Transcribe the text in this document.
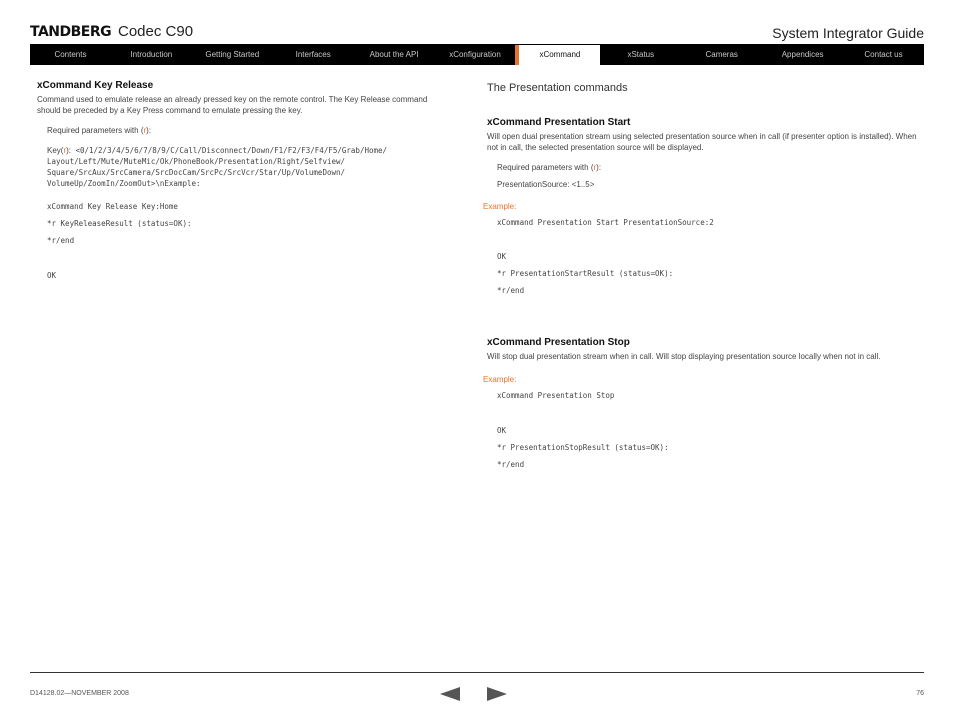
TANDBERG Codec C90	System Integrator Guide
Contents	Introduction	Getting Started	Interfaces	About the API	xConfiguration	xCommand	xStatus	Cameras	Appendices	Contact us
xCommand Key Release

Command used to emulate release an already pressed key on the remote control. The Key Release command should be preceded by a Key Press command to emulate pressing the key.

Required parameters with (r):
Key(r): <0/1/2/3/4/5/6/7/8/9/C/Call/Disconnect/Down/F1/F2/F3/F4/F5/Grab/Home/
Layout/Left/Mute/MuteMic/Ok/PhoneBook/Presentation/Right/Selfview/
Square/SrcAux/SrcCamera/SrcDocCam/SrcPc/SrcVcr/Star/Up/VolumeDown/
VolumeUp/ZoomIn/ZoomOut>\nExample:
xCommand Key Release Key:Home
*r KeyReleaseResult (status=OK):
*r/end
OK
The Presentation commands
xCommand Presentation Start

Will open dual presentation stream using selected presentation source when in call (if presenter option is installed). When not in call, the selected presentation source will be displayed.

Required parameters with (r):
PresentationSource: <1..5>
Example:
xCommand Presentation Start PresentationSource:2
OK
*r PresentationStartResult (status=OK):
*r/end
xCommand Presentation Stop

Will stop dual presentation stream when in call. Will stop displaying presentation source locally when not in call.

Example:
xCommand Presentation Stop
OK
*r PresentationStopResult (status=OK):
*r/end
D14128.02—NOVEMBER 2008	76
